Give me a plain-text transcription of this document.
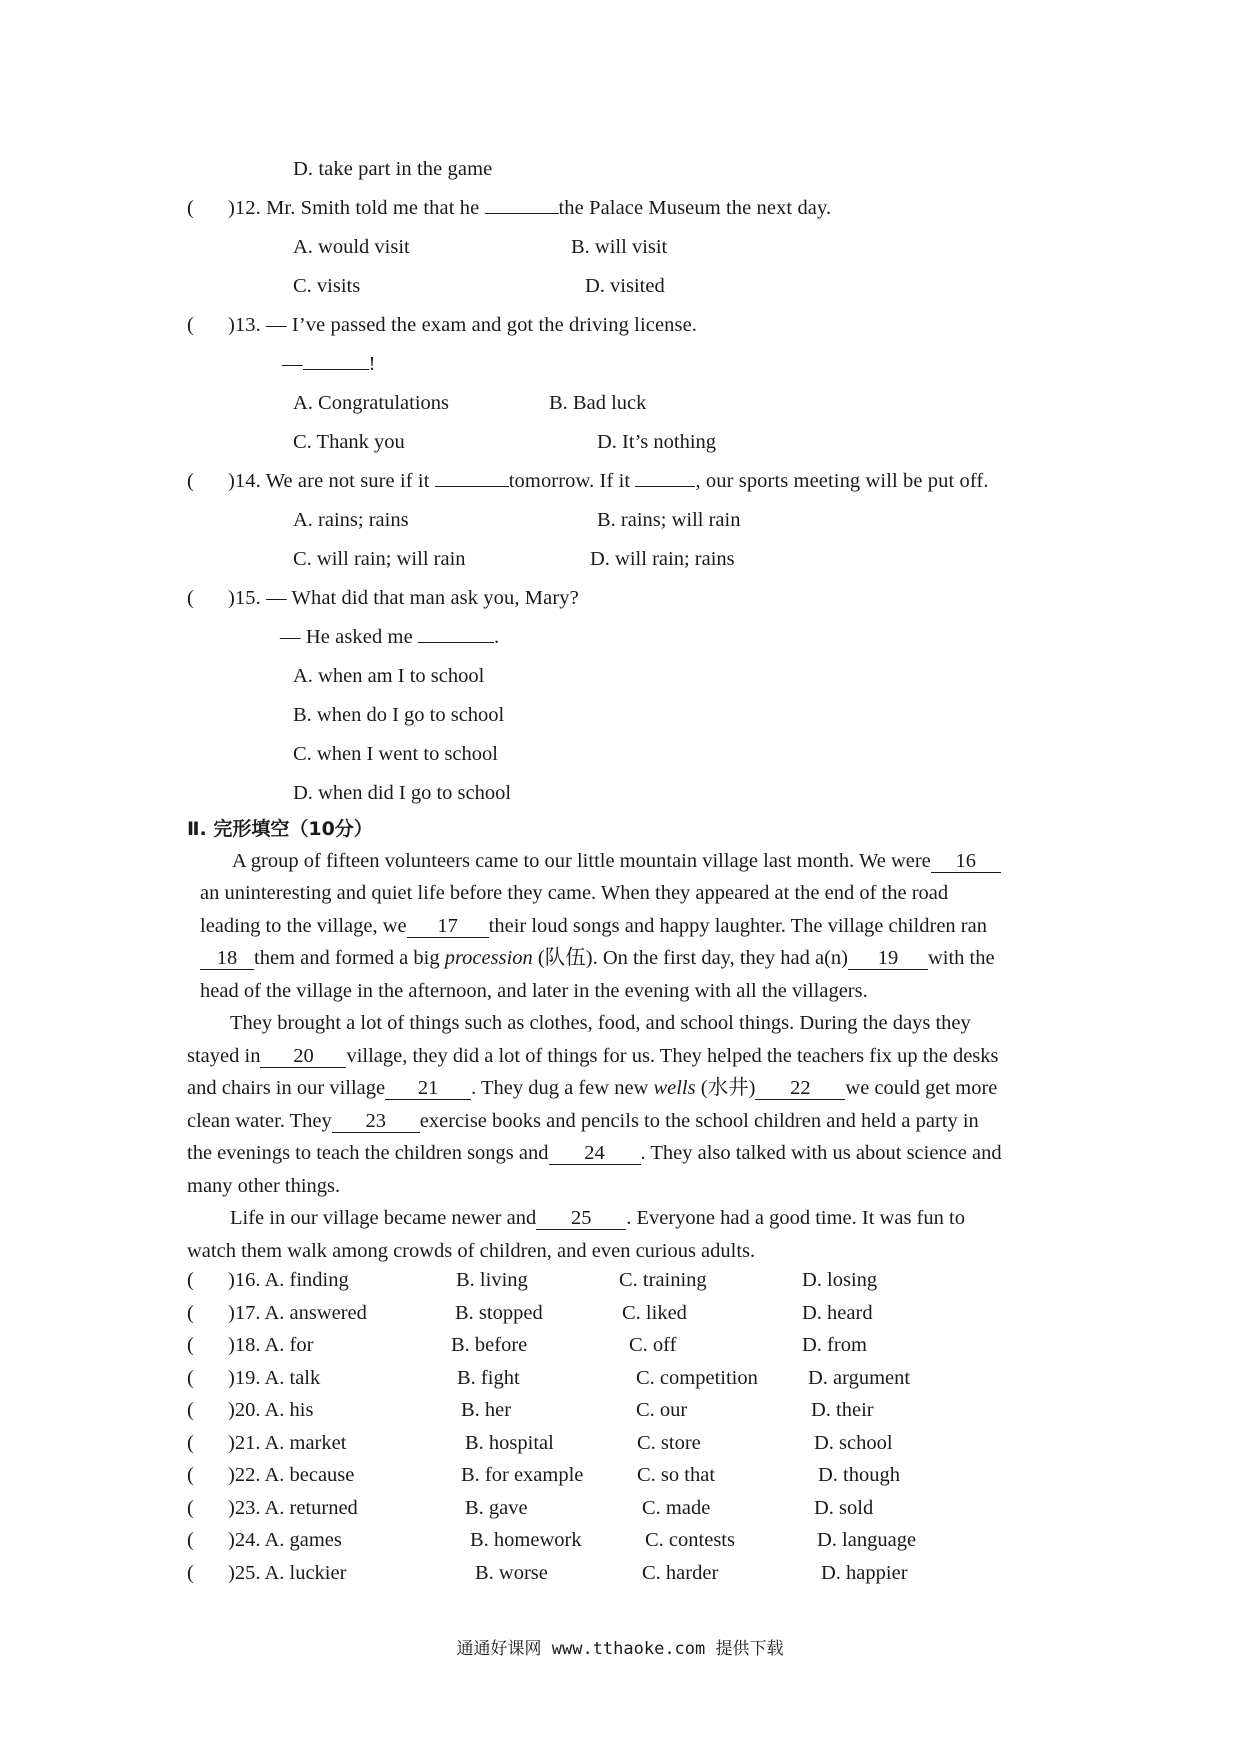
D. take part in the game
( )12. Mr. Smith told me that he	the Palace Museum the next day.
A. would visit	B. will visit
C. visits	D. visited
( )13. — I’ve passed the exam and got the driving license.
—	!
A. Congratulations	B. Bad luck
C. Thank you	D. It’s nothing
( )14. We are not sure if it	tomorrow. If it	, our sports meeting will be put off.
A. rains; rains	B. rains; will rain
C. will rain; will rain	D. will rain; rains
( )15. — What did that man ask you, Mary?
— He asked me	.
A. when am I to school
B. when do I go to school
C. when I went to school
D. when did I go to school
Ⅱ. 完形填空（10分）
A group of fifteen volunteers came to our little mountain village last month. We were 16
an uninteresting and quiet life before they came. When they appeared at the end of the road
leading to the village, we 17 their loud songs and happy laughter. The village children ran
18 them and formed a big procession (队伍). On the first day, they had a(n) 19 with the
head of the village in the afternoon, and later in the evening with all the villagers.
They brought a lot of things such as clothes, food, and school things. During the days they
stayed in 20 village, they did a lot of things for us. They helped the teachers fix up the desks
and chairs in our village 21 . They dug a few new wells (水井) 22 we could get more
clean water. They 23 exercise books and pencils to the school children and held a party in
the evenings to teach the children songs and 24 . They also talked with us about science and
many other things.
Life in our village became newer and 25 . Everyone had a good time. It was fun to
watch them walk among crowds of children, and even curious adults.
( )16. A. finding	B. living	C. training	D. losing
( )17. A. answered	B. stopped	C. liked	D. heard
( )18. A. for	B. before	C. off	D. from
( )19. A. talk	B. fight	C. competition D. argument
( )20. A. his	B. her	C. our	D. their
( )21. A. market	B. hospital	C. store	D. school
( )22. A. because	B. for example	C. so that	D. though
( )23. A. returned	B. gave	C. made	D. sold
( )24. A. games	B. homework	C. contests	D. language
( )25. A. luckier	B. worse	C. harder	D. happier
通通好课网 www.tthaoke.com 提供下载
